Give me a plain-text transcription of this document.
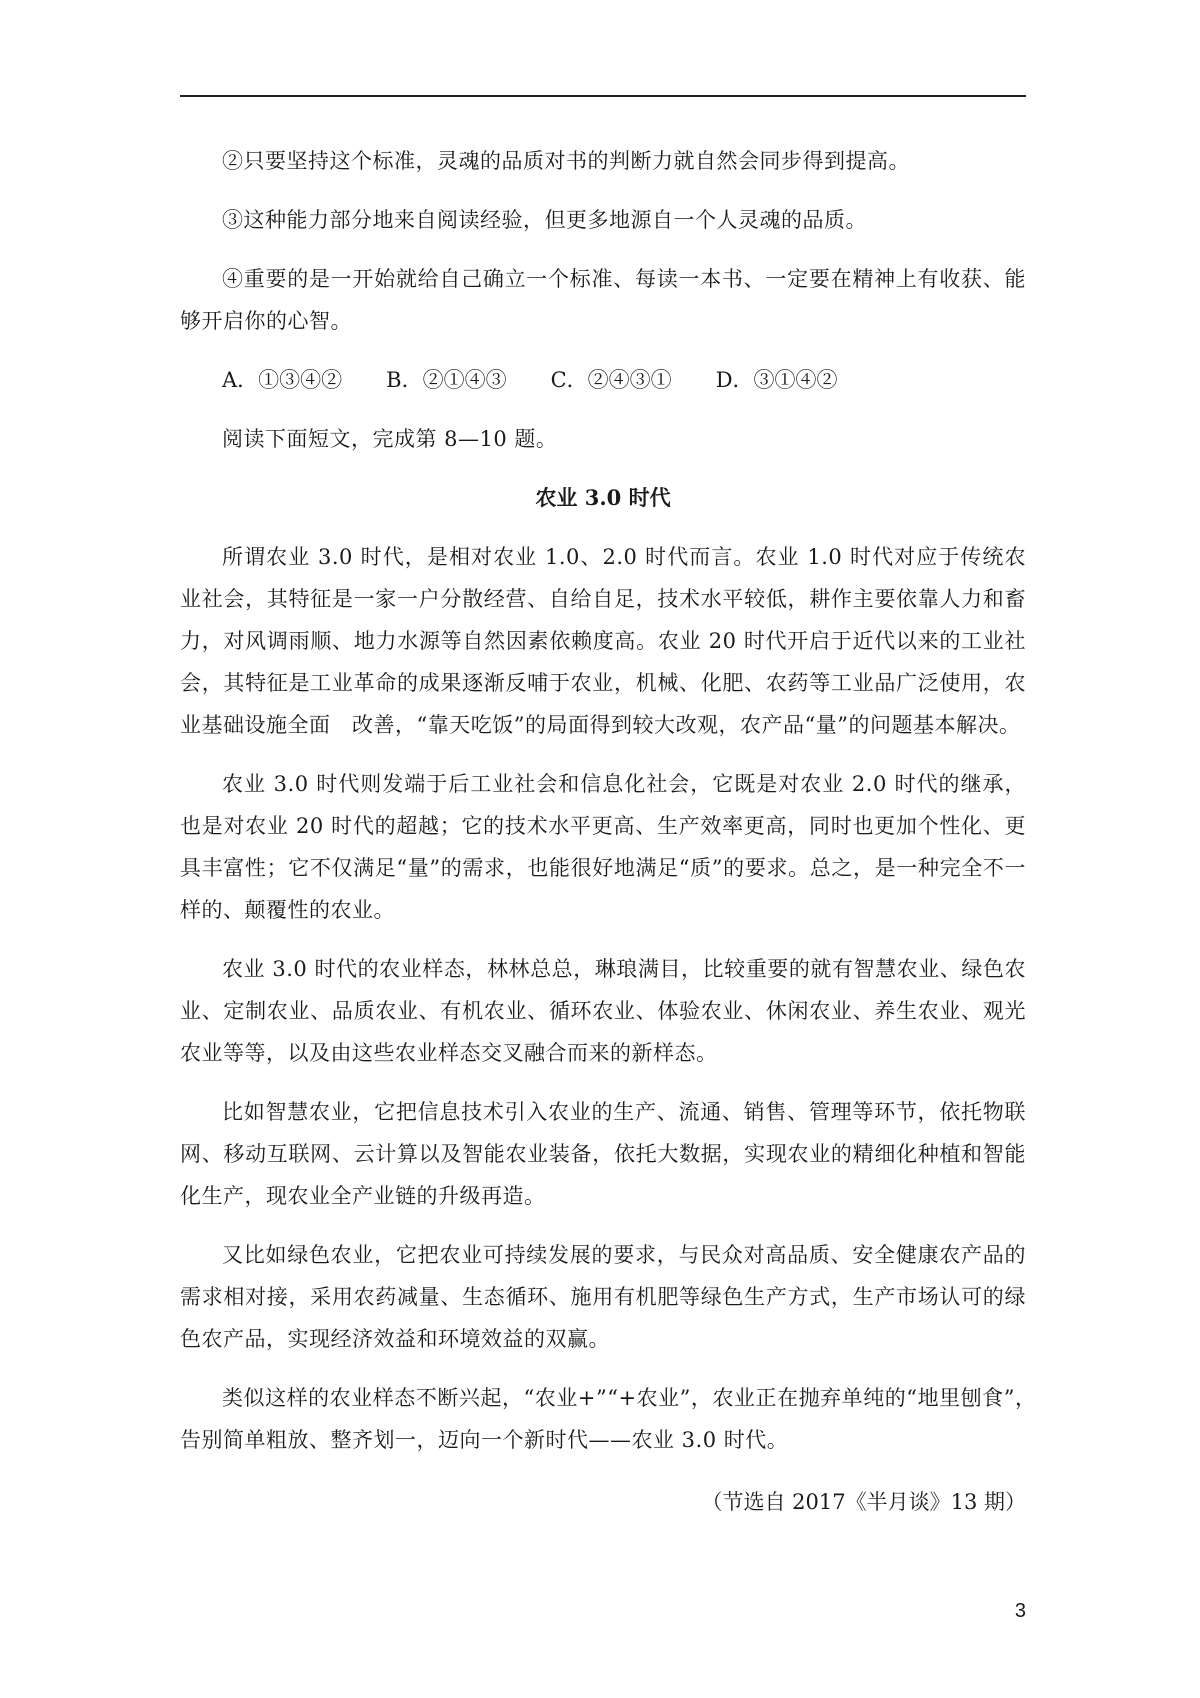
②只要坚持这个标准，灵魂的品质对书的判断力就自然会同步得到提高。

③这种能力部分地来自阅读经验，但更多地源自一个人灵魂的品质。

④重要的是一开始就给自己确立一个标准、每读一本书、一定要在精神上有收获、能够开启你的心智。

A．①③④② B．②①④③ C．②④③① D．③①④②

阅读下面短文，完成第 8—10 题。

农业 3.0 时代

所谓农业 3.0 时代，是相对农业 1.0、2.0 时代而言。农业 1.0 时代对应于传统农业社会，其特征是一家一户分散经营、自给自足，技术水平较低，耕作主要依靠人力和畜力，对风调雨顺、地力水源等自然因素依赖度高。农业 20 时代开启于近代以来的工业社会，其特征是工业革命的成果逐渐反哺于农业，机械、化肥、农药等工业品广泛使用，农业基础设施全面　改善，“靠天吃饭”的局面得到较大改观，农产品“量”的问题基本解决。

农业 3.0 时代则发端于后工业社会和信息化社会，它既是对农业 2.0 时代的继承，也是对农业 20 时代的超越；它的技术水平更高、生产效率更高，同时也更加个性化、更具丰富性；它不仅满足“量”的需求，也能很好地满足“质”的要求。总之，是一种完全不一样的、颠覆性的农业。

农业 3.0 时代的农业样态，林林总总，琳琅满目，比较重要的就有智慧农业、绿色农业、定制农业、品质农业、有机农业、循环农业、体验农业、休闲农业、养生农业、观光农业等等，以及由这些农业样态交叉融合而来的新样态。

比如智慧农业，它把信息技术引入农业的生产、流通、销售、管理等环节，依托物联网、移动互联网、云计算以及智能农业装备，依托大数据，实现农业的精细化种植和智能化生产，现农业全产业链的升级再造。

又比如绿色农业，它把农业可持续发展的要求，与民众对高品质、安全健康农产品的需求相对接，采用农药减量、生态循环、施用有机肥等绿色生产方式，生产市场认可的绿色农产品，实现经济效益和环境效益的双赢。

类似这样的农业样态不断兴起，“农业+”“+农业”，农业正在抛弃单纯的“地里刨食”，　告别简单粗放、整齐划一，迈向一个新时代——农业 3.0 时代。

（节选自 2017《半月谈》13 期）

3
